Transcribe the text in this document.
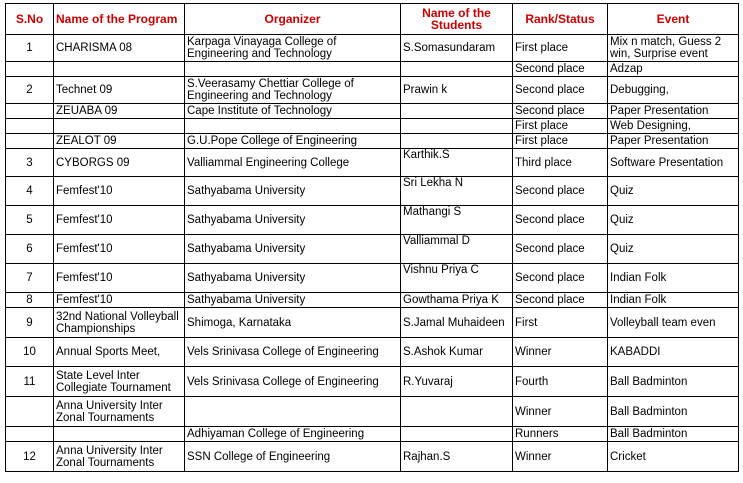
S.No	Name of the Program	Organizer	Name of the Students	Rank/Status	Event
1	CHARISMA 08	Karpaga Vinayaga College of Engineering and Technology	S.Somasundaram	First place	Mix n match, Guess 2 win, Surprise event
				Second place	Adzap
2	Technet 09	S.Veerasamy Chettiar College of Engineering and Technology	Prawin k	Second place	Debugging,
	ZEUABA 09	Cape Institute of Technology		Second place	Paper Presentation
				First place	Web Designing,
	ZEALOT 09	G.U.Pope College of Engineering		First place	Paper Presentation
3	CYBORGS 09	Valliammal Engineering College	Karthik.S	Third place	Software Presentation
4	Femfest'10	Sathyabama University	Sri Lekha N	Second place	Quiz
5	Femfest'10	Sathyabama University	Mathangi S	Second place	Quiz
6	Femfest'10	Sathyabama University	Valliammal D	Second place	Quiz
7	Femfest'10	Sathyabama University	Vishnu Priya C	Second place	Indian Folk
8	Femfest'10	Sathyabama University	Gowthama Priya K	Second place	Indian Folk
9	32nd National Volleyball Championships	Shimoga, Karnataka	S.Jamal Muhaideen	First	Volleyball team even
10	Annual Sports Meet,	Vels Srinivasa College of Engineering	S.Ashok Kumar	Winner	KABADDI
11	State Level Inter Collegiate Tournament	Vels Srinivasa College of Engineering	R.Yuvaraj	Fourth	Ball Badminton
	Anna University Inter Zonal Tournaments			Winner	Ball Badminton
		Adhiyaman College of Engineering		Runners	Ball Badminton
12	Anna University Inter Zonal Tournaments	SSN College of Engineering	Rajhan.S	Winner	Cricket
